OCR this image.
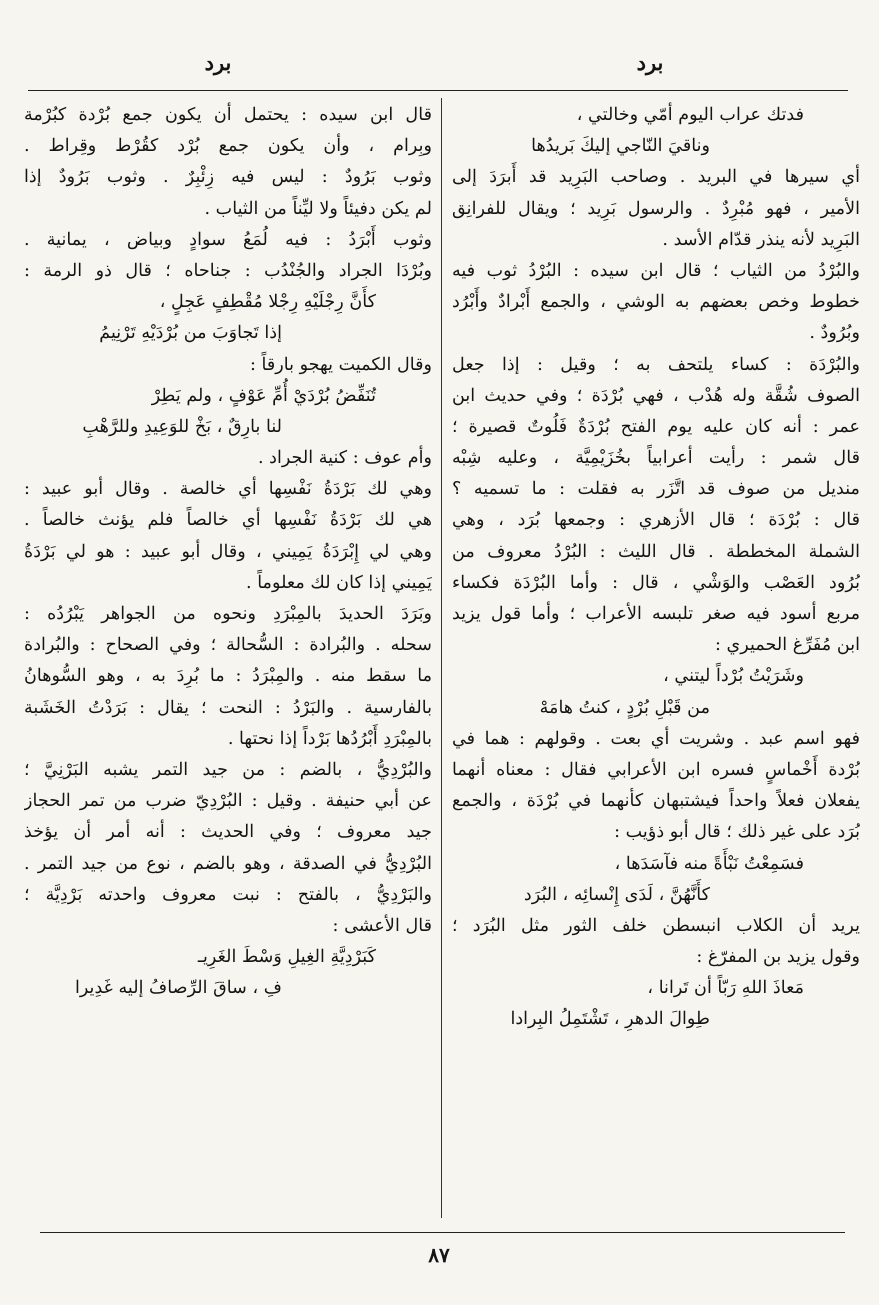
برد
برد
فدتك عراب اليوم أمّي وخالتي ،
وناقيَ النّاجي إليكَ بَريدُها
أي سيرها في البريد . وصاحب البَرِيد قد أَبرَدَ إلى
الأمير ، فهو مُبْرِدٌ . والرسول بَرِيد ؛ ويقال للفرانِق
البَرِيد لأنه ينذر قدّام الأسد .
والبُرْدُ من الثياب ؛ قال ابن سيده : البُرْدُ ثوب فيه
خطوط وخص بعضهم به الوشي ، والجمع أَبْرادٌ وأَبْرُد
وبُرُودٌ .
والبُرْدَة : كساء يلتحف به ؛ وقيل : إذا جعل
الصوف شُقَّة وله هُدْب ، فهي بُرْدَة ؛ وفي حديث ابن
عمر : أنه كان عليه يوم الفتح بُرْدَةٌ فَلُوتٌ قصيرة ؛
قال شمر : رأيت أعرابياً بخُزَيْمِيَّة ، وعليه شِبْه
منديل من صوف قد اتَّزَر به فقلت : ما تسميه ؟
قال : بُرْدَة ؛ قال الأزهري : وجمعها بُرَد ، وهي
الشملة المخططة . قال الليث : البُرْدُ معروف من
بُرُود العَصْب والوَشْي ، قال : وأما البُرْدَة فكساء
مربع أسود فيه صغر تلبسه الأعراب ؛ وأما قول يزيد
ابن مُفَرِّغ الحميري :
وشَرَيْتُ بُرْداً ليتني ،
من قَبْلِ بُرْدٍ ، كنتُ هامَهْ
فهو اسم عبد . وشريت أي بعت . وقولهم : هما في
بُرْدة أَخْماسٍ فسره ابن الأعرابي فقال : معناه أنهما
يفعلان فعلاً واحداً فيشتبهان كأنهما في بُرْدَة ، والجمع
بُرَد على غير ذلك ؛ قال أبو ذؤيب :
فسَمِعْتُ نَبْأَةً منه فآسَدَها ،
كأَنَّهُنَّ ، لَدَى إِنْسائِه ، البُرَد
يريد أن الكلاب انبسطن خلف الثور مثل البُرَد ؛
وقول يزيد بن المفرّغ :
مَعاذَ اللهِ رَبّاً أن تَرانا ،
طِوالَ الدهرِ ، تَشْتَمِلُ البِرادا
قال ابن سيده : يحتمل أن يكون جمع بُرْدة كبُرْمة
وبِرام ، وأن يكون جمع بُرْد كقُرْط وقِراط .
وثوب بَرُودٌ : ليس فيه زِئْبِرٌ . وثوب بَرُودٌ إذا
لم يكن دفيئاً ولا ليِّناً من الثياب .
وثوب أَبْرَدُ : فيه لُمَعُ سوادٍ وبياض ، يمانية .
وبُرْدَا الجراد والجُنْدُب : جناحاه ؛ قال ذو الرمة :
كأَنَّ رِجْلَيْهِ رِجْلا مُقْطِفٍ عَجِلٍ ،
إذا تَجاوَبَ من بُرْدَيْهِ تَرْنِيمُ
وقال الكميت يهجو بارقاً :
تُنَفِّضُ بُرْدَيْ أُمِّ عَوْفٍ ، ولم يَطِرْ
لنا بارِقٌ ، بَخْ للوَعِيدِ وللرَّهْبِ
وأم عوف : كنية الجراد .
وهي لك بَرْدَةُ نَفْسِها أي خالصة . وقال أبو عبيد :
هي لك بَرْدَةُ نَفْسِها أي خالصاً فلم يؤنث خالصاً .
وهي لي إِبْرَدَةُ يَمِيني ، وقال أبو عبيد : هو لي بَرْدَةُ
يَمِيني إذا كان لك معلوماً .
وبَرَدَ الحديدَ بالمِبْرَدِ ونحوه من الجواهر يَبْرُدُه :
سحله . والبُرادة : السُّحالة ؛ وفي الصحاح : والبُرادة
ما سقط منه . والمِبْرَدُ : ما بُرِدَ به ، وهو السُّوهانُ
بالفارسية . والبَرْدُ : النحت ؛ يقال : بَرَدْتُ الخَشَبة
بالمِبْرَدِ أَبْرُدُها بَرْداً إذا نحتها .
والبُرْدِيُّ ، بالضم : من جيد التمر يشبه البَرْنِيَّ ؛
عن أبي حنيفة . وقيل : البُرْدِيّ ضرب من تمر الحجاز
جيد معروف ؛ وفي الحديث : أنه أمر أن يؤخذ
البُرْدِيُّ في الصدقة ، وهو بالضم ، نوع من جيد التمر .
والبَرْدِيُّ ، بالفتح : نبت معروف واحدته بَرْدِيَّة ؛
قال الأعشى :
كَبَرْدِيَّةِ الغِيلِ وَسْطَ الغَرِيـ
فِ ، ساقَ الرِّصافُ إليه غَدِيرا
٨٧
